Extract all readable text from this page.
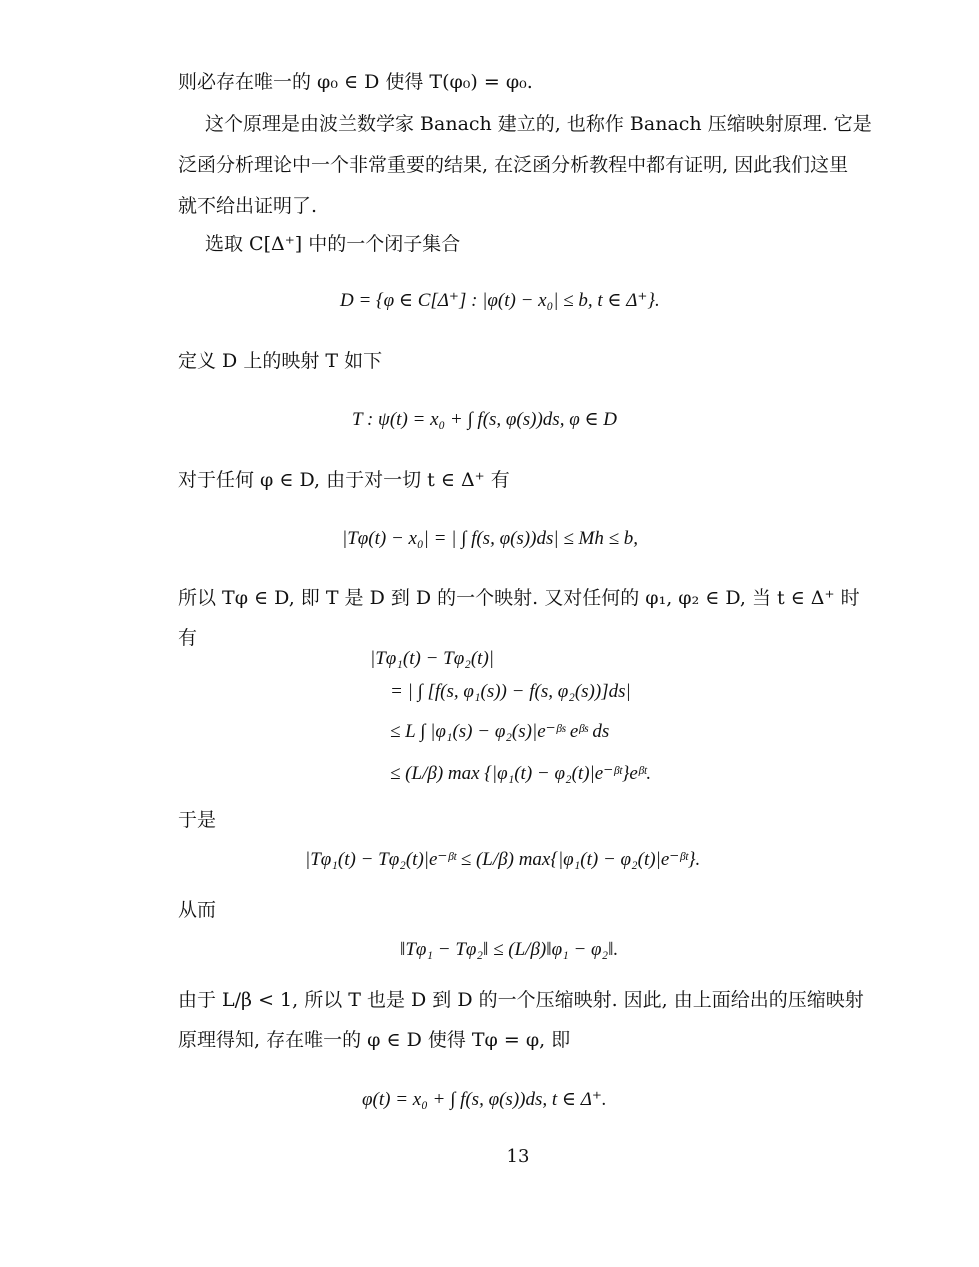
则必存在唯一的 φ₀ ∈ D 使得 T(φ₀) = φ₀.
这个原理是由波兰数学家 Banach 建立的, 也称作 Banach 压缩映射原理. 它是
泛函分析理论中一个非常重要的结果, 在泛函分析教程中都有证明, 因此我们这里
就不给出证明了.
选取 C[Δ⁺] 中的一个闭子集合
D = {φ ∈ C[Δ⁺] : |φ(t) − x₀| ≤ b, t ∈ Δ⁺}.
定义 D 上的映射 T 如下
T : ψ(t) = x₀ + ∫ f(s, φ(s))ds, φ ∈ D
对于任何 φ ∈ D, 由于对一切 t ∈ Δ⁺ 有
|Tφ(t) − x₀| = | ∫ f(s, φ(s))ds| ≤ Mh ≤ b,
所以 Tφ ∈ D, 即 T 是 D 到 D 的一个映射. 又对任何的 φ₁, φ₂ ∈ D, 当 t ∈ Δ⁺ 时
有
|Tφ₁(t) − Tφ₂(t)|
= | ∫ [f(s, φ₁(s)) − f(s, φ₂(s))]ds|
≤ L ∫ |φ₁(s) − φ₂(s)|e⁻ᵝˢ eᵝˢ ds
≤ (L/β) max {|φ₁(t) − φ₂(t)|e⁻ᵝᵗ}eᵝᵗ.
于是
|Tφ₁(t) − Tφ₂(t)|e⁻ᵝᵗ ≤ (L/β) max{|φ₁(t) − φ₂(t)|e⁻ᵝᵗ}.
从而
‖Tφ₁ − Tφ₂‖ ≤ (L/β)‖φ₁ − φ₂‖.
由于 L/β < 1, 所以 T 也是 D 到 D 的一个压缩映射. 因此, 由上面给出的压缩映射
原理得知, 存在唯一的 φ ∈ D 使得 Tφ = φ, 即
φ(t) = x₀ + ∫ f(s, φ(s))ds, t ∈ Δ⁺.
13
